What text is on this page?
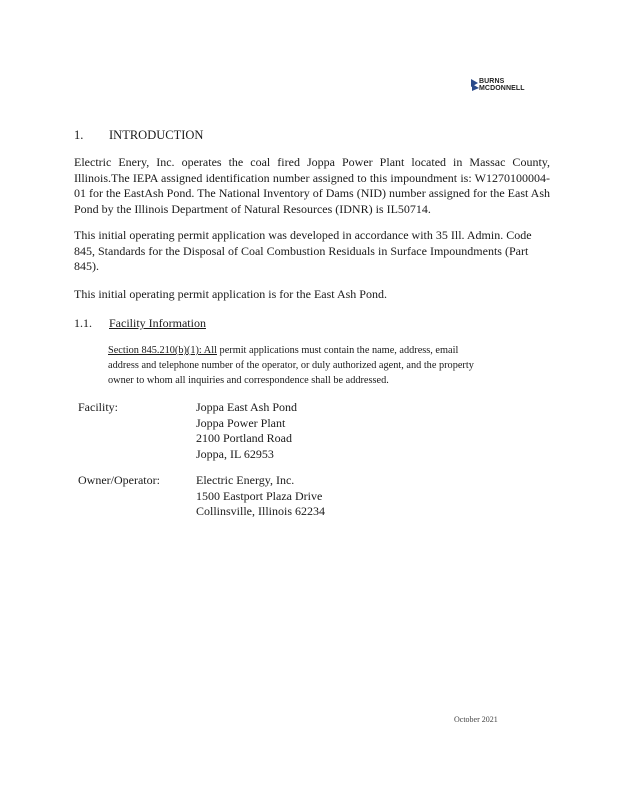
BURNS
MCDONNELL
1. INTRODUCTION

Electric Enery, Inc. operates the coal fired Joppa Power Plant located in Massac County, Illinois.The IEPA assigned identification number assigned to this impoundment is: W1270100004-01 for the EastAsh Pond. The National Inventory of Dams (NID) number assigned for the East Ash Pond by the Illinois Department of Natural Resources (IDNR) is IL50714.

This initial operating permit application was developed in accordance with 35 Ill. Admin. Code 845, Standards for the Disposal of Coal Combustion Residuals in Surface Impoundments (Part 845).

This initial operating permit application is for the East Ash Pond.

1.1. Facility Information

Section 845.210(b)(1): All permit applications must contain the name, address, email address and telephone number of the operator, or duly authorized agent, and the property owner to whom all inquiries and correspondence shall be addressed.

Facility:	Joppa East Ash Pond
Joppa Power Plant
2100 Portland Road
Joppa, IL 62953
Owner/Operator:	Electric Energy, Inc.
1500 Eastport Plaza Drive
Collinsville, Illinois 62234
October 2021
